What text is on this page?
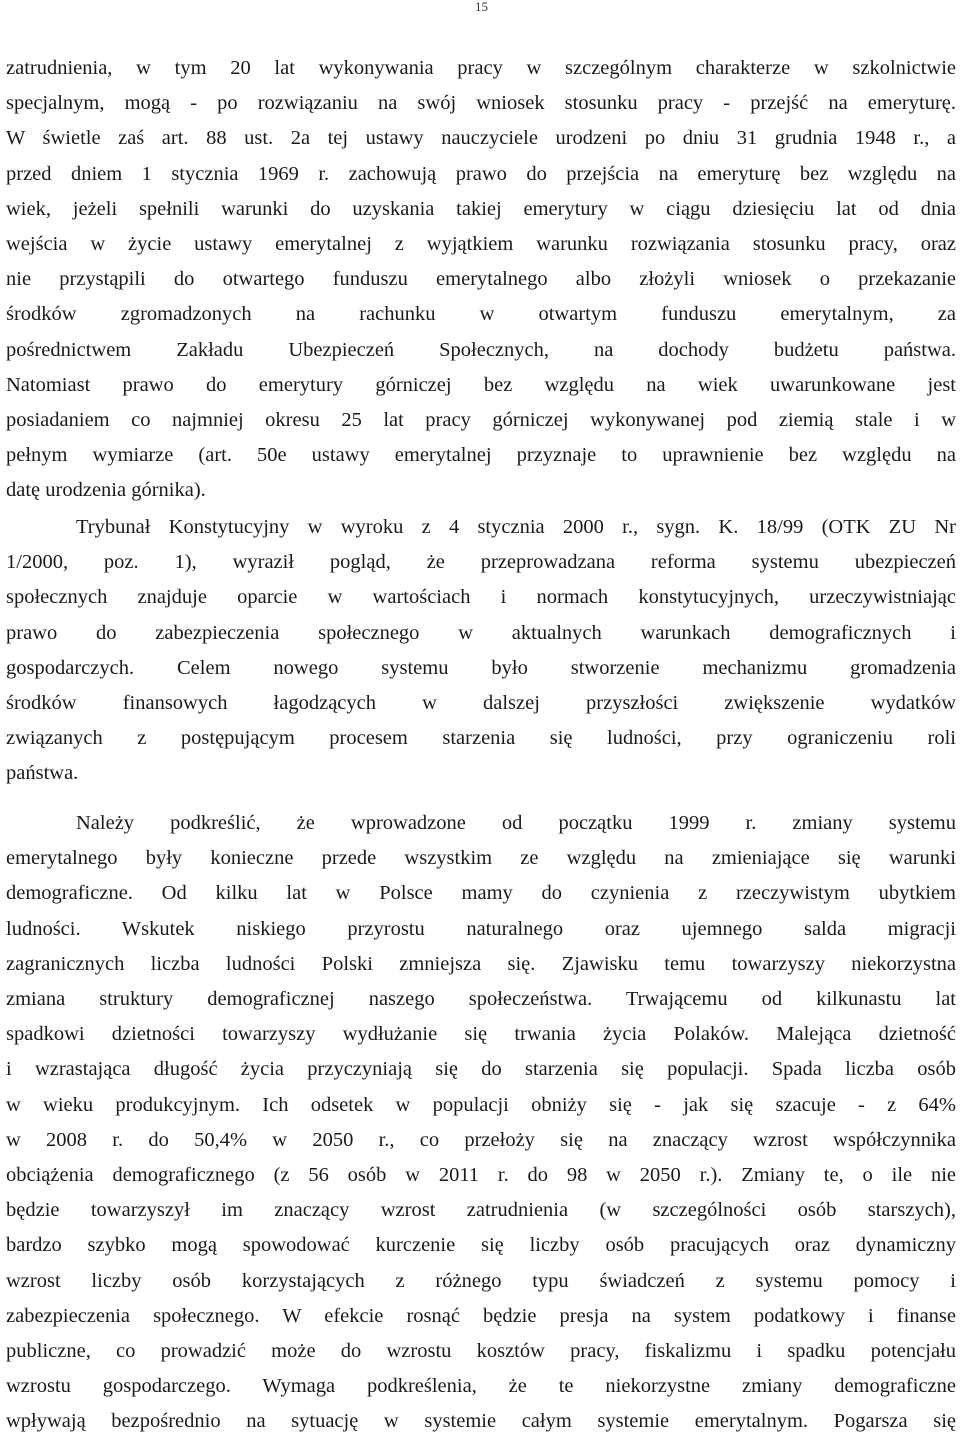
15
zatrudnienia, w tym 20 lat wykonywania pracy w szczególnym charakterze w szkolnictwie
specjalnym, mogą - po rozwiązaniu na swój wniosek stosunku pracy - przejść na emeryturę.
W świetle zaś art. 88 ust. 2a tej ustawy nauczyciele urodzeni po dniu 31 grudnia 1948 r., a
przed dniem 1 stycznia 1969 r. zachowują prawo do przejścia na emeryturę bez względu na
wiek, jeżeli spełnili warunki do uzyskania takiej emerytury w ciągu dziesięciu lat od dnia
wejścia w życie ustawy emerytalnej z wyjątkiem warunku rozwiązania stosunku pracy, oraz
nie przystąpili do otwartego funduszu emerytalnego albo złożyli wniosek o przekazanie
środków zgromadzonych na rachunku w otwartym funduszu emerytalnym, za
pośrednictwem Zakładu Ubezpieczeń Społecznych, na dochody budżetu państwa.
Natomiast prawo do emerytury górniczej bez względu na wiek uwarunkowane jest
posiadaniem co najmniej okresu 25 lat pracy górniczej wykonywanej pod ziemią stale i w
pełnym wymiarze (art. 50e ustawy emerytalnej przyznaje to uprawnienie bez względu na
datę urodzenia górnika).
Trybunał Konstytucyjny w wyroku z 4 stycznia 2000 r., sygn. K. 18/99 (OTK ZU Nr
1/2000, poz. 1), wyraził pogląd, że przeprowadzana reforma systemu ubezpieczeń
społecznych znajduje oparcie w wartościach i normach konstytucyjnych, urzeczywistniając
prawo do zabezpieczenia społecznego w aktualnych warunkach demograficznych i
gospodarczych. Celem nowego systemu było stworzenie mechanizmu gromadzenia
środków finansowych łagodzących w dalszej przyszłości zwiększenie wydatków
związanych z postępującym procesem starzenia się ludności, przy ograniczeniu roli
państwa.
Należy podkreślić, że wprowadzone od początku 1999 r. zmiany systemu
emerytalnego były konieczne przede wszystkim ze względu na zmieniające się warunki
demograficzne. Od kilku lat w Polsce mamy do czynienia z rzeczywistym ubytkiem
ludności. Wskutek niskiego przyrostu naturalnego oraz ujemnego salda migracji
zagranicznych liczba ludności Polski zmniejsza się. Zjawisku temu towarzyszy niekorzystna
zmiana struktury demograficznej naszego społeczeństwa. Trwającemu od kilkunastu lat
spadkowi dzietności towarzyszy wydłużanie się trwania życia Polaków. Malejąca dzietność
i wzrastająca długość życia przyczyniają się do starzenia się populacji. Spada liczba osób
w wieku produkcyjnym. Ich odsetek w populacji obniży się - jak się szacuje - z 64%
w 2008 r. do 50,4% w 2050 r., co przełoży się na znaczący wzrost współczynnika
obciążenia demograficznego (z 56 osób w 2011 r. do 98 w 2050 r.). Zmiany te, o ile nie
będzie towarzyszył im znaczący wzrost zatrudnienia (w szczególności osób starszych),
bardzo szybko mogą spowodować kurczenie się liczby osób pracujących oraz dynamiczny
wzrost liczby osób korzystających z różnego typu świadczeń z systemu pomocy i
zabezpieczenia społecznego. W efekcie rosnąć będzie presja na system podatkowy i finanse
publiczne, co prowadzić może do wzrostu kosztów pracy, fiskalizmu i spadku potencjału
wzrostu gospodarczego. Wymaga podkreślenia, że te niekorzystne zmiany demograficzne
wpływają bezpośrednio na sytuację w systemie całym systemie emerytalnym. Pogarsza się
